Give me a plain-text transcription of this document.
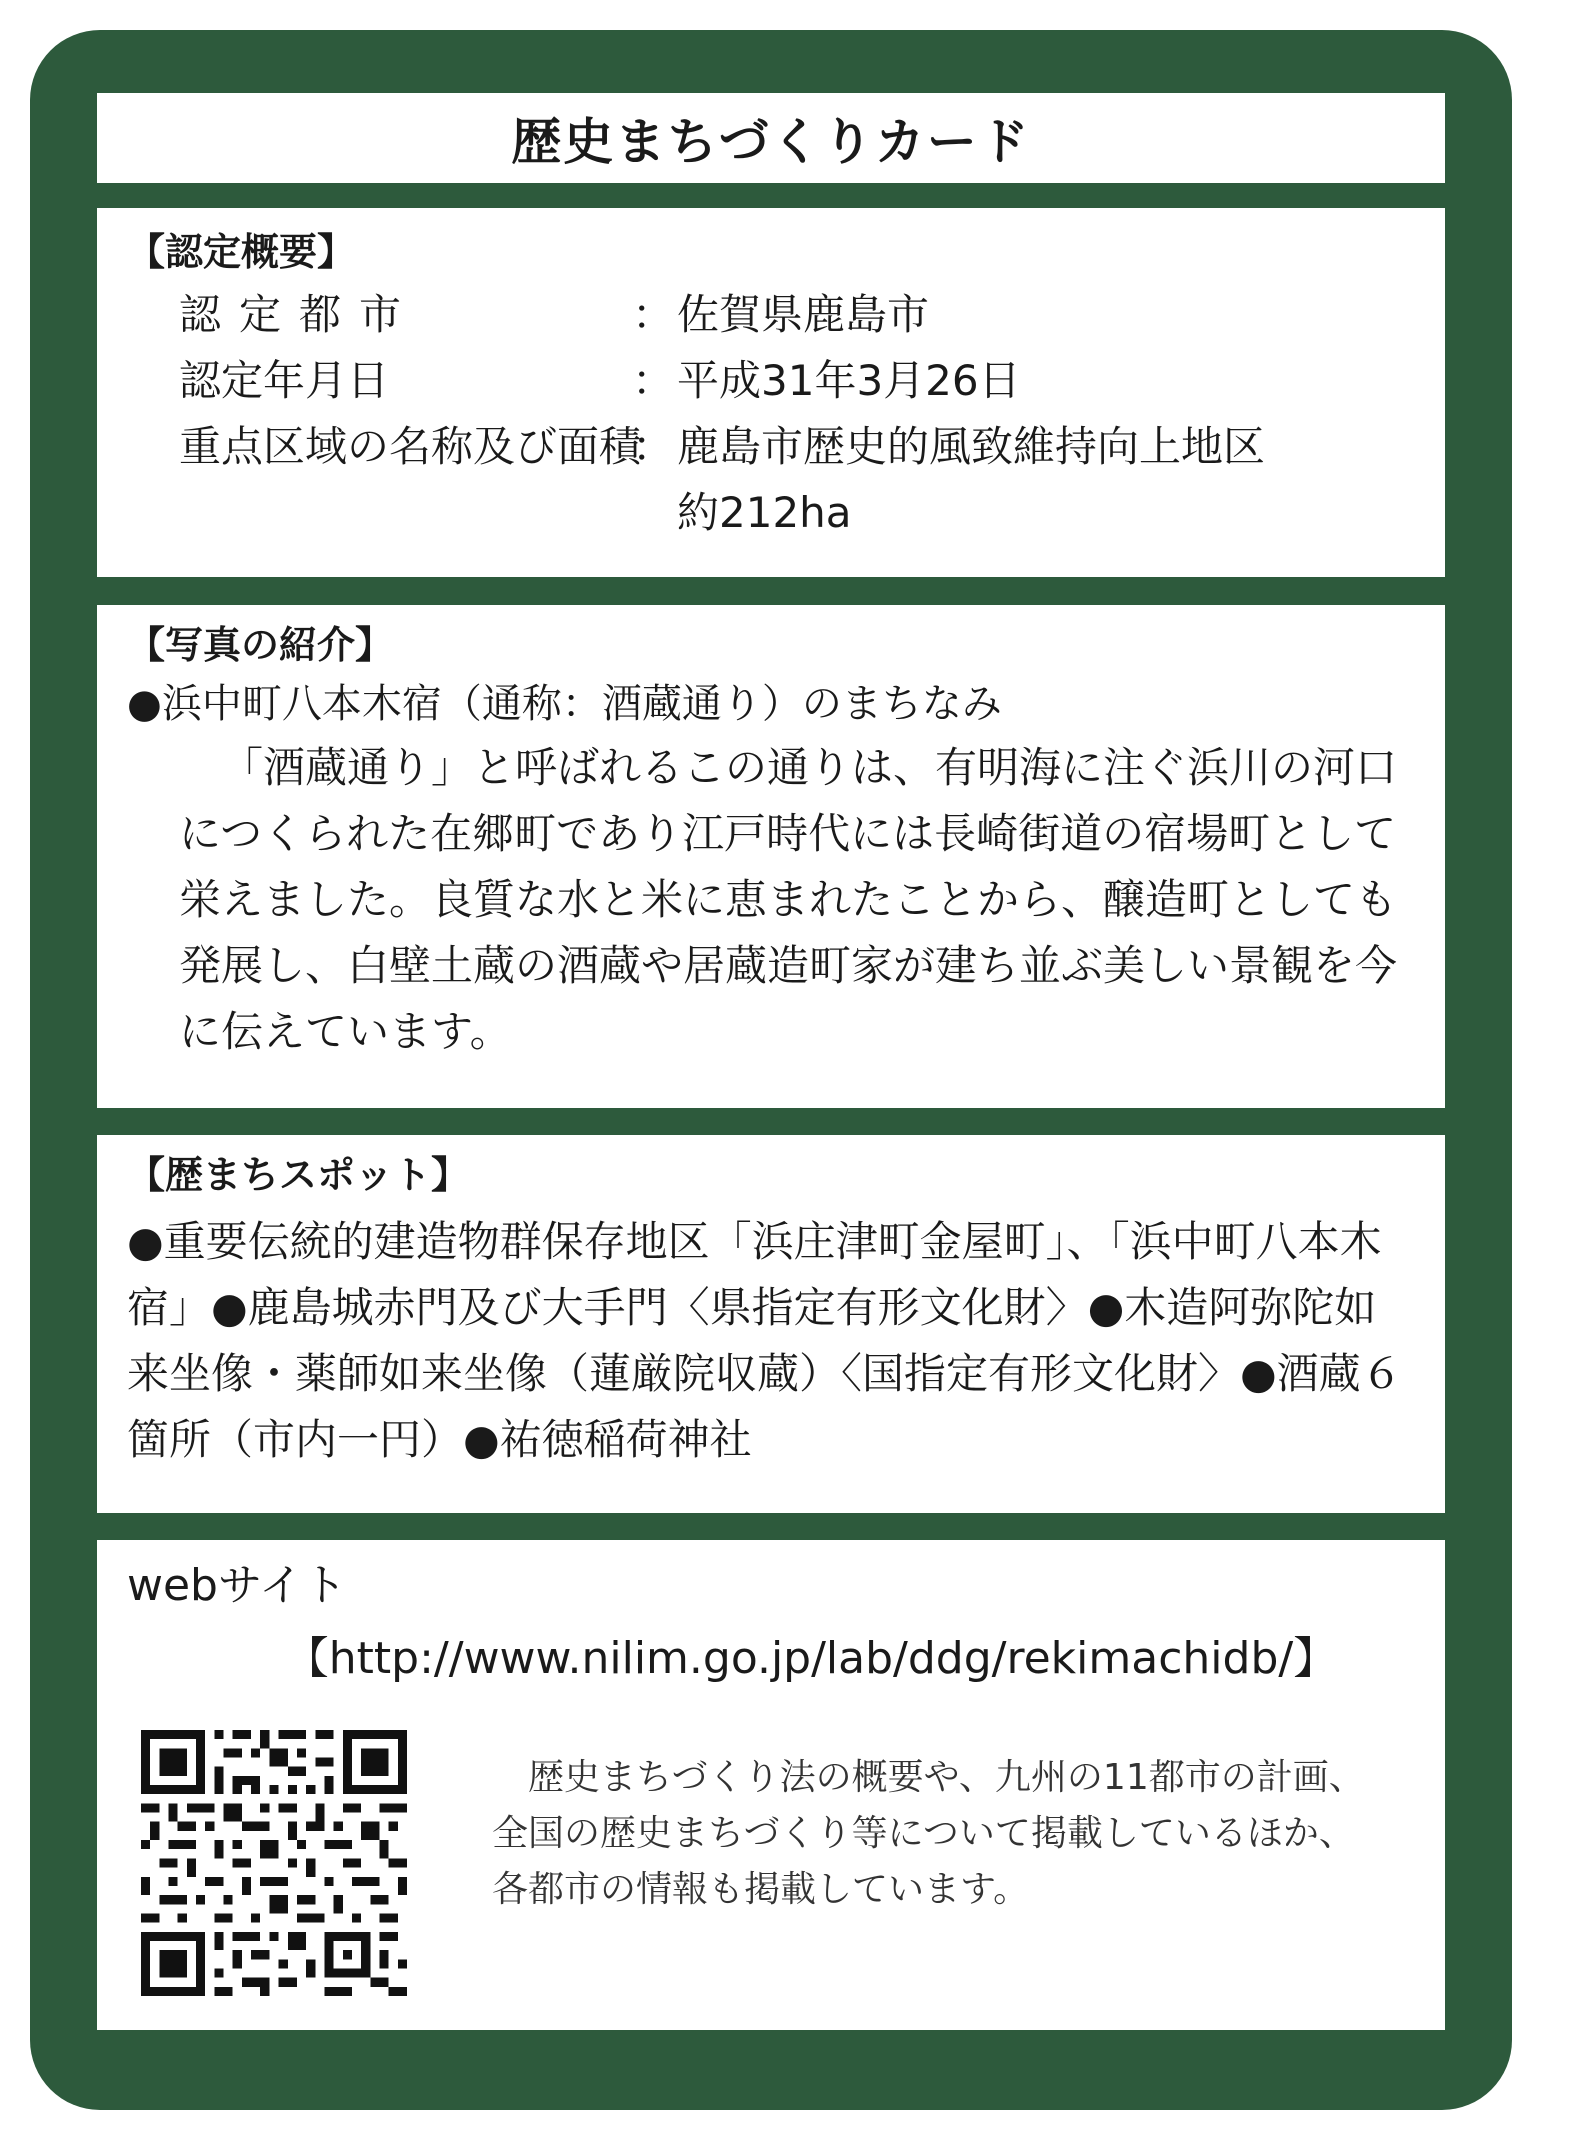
歴史まちづくりカード
【認定概要】
認定都市	： 佐賀県鹿島市
認定年月日	： 平成31年3月26日
重点区域の名称及び面積
： 鹿島市歴史的風致維持向上地区
約212ha
【写真の紹介】
●浜中町八本木宿（通称：酒蔵通り）のまちなみ
「酒蔵通り」と呼ばれるこの通りは、有明海に注ぐ浜川の河口につくられた在郷町であり江戸時代には長崎街道の宿場町として栄えました。良質な水と米に恵まれたことから、醸造町としても発展し、白壁土蔵の酒蔵や居蔵造町家が建ち並ぶ美しい景観を今に伝えています。
【歴まちスポット】
●重要伝統的建造物群保存地区「浜庄津町金屋町」、「浜中町八本木宿」●鹿島城赤門及び大手門〈県指定有形文化財〉●木造阿弥陀如来坐像・薬師如来坐像（蓮厳院収蔵）〈国指定有形文化財〉●酒蔵６箇所（市内一円）●祐徳稲荷神社
webサイト
【http://www.nilim.go.jp/lab/ddg/rekimachidb/】
歴史まちづくり法の概要や、九州の11都市の計画、
全国の歴史まちづくり等について掲載しているほか、
各都市の情報も掲載しています。
